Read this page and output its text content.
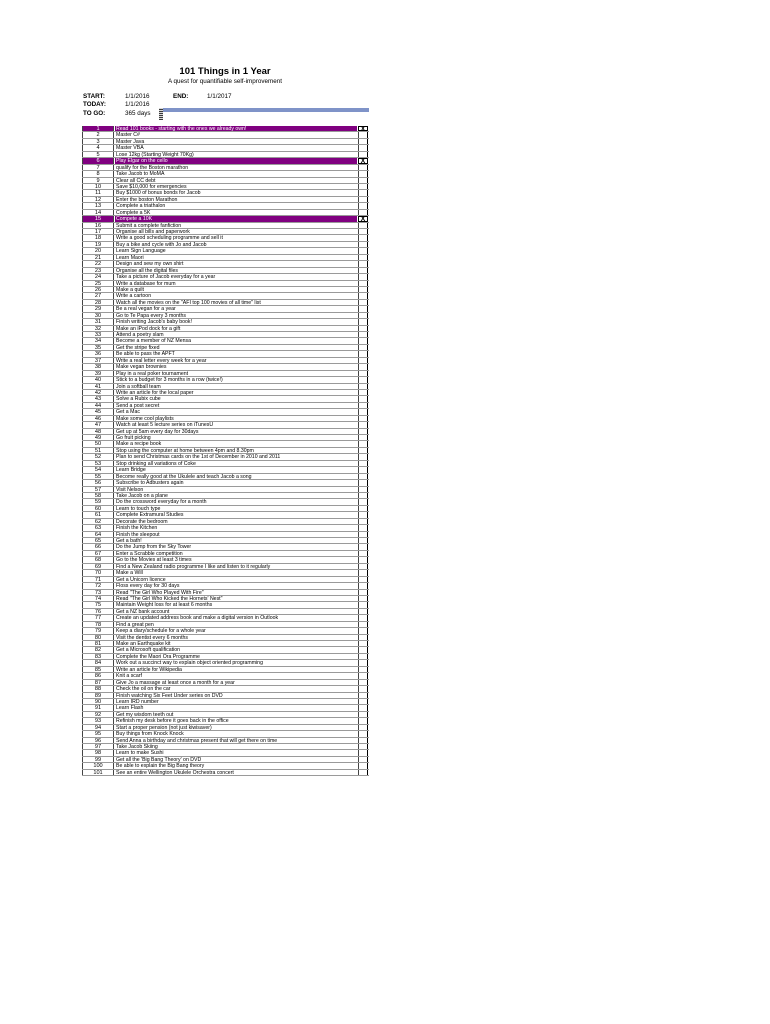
101 Things in 1 Year
A quest for quantifiable self-improvement
START:	1/1/2016	END:	1/1/2017
TODAY:	1/1/2016
TO GO:	365 days
1	Read 101 books - starting with the ones we already own!	X
2	Master C#
3	Master Java
4	Master VBA
5	Lose 12kg (Starting Weight 70Kg)
6	Play Elgar on the cello	X
7	qualify for the Boston marathon
8	Take Jacob to MoMA
9	Clear all CC debt
10	Save $10,000 for emergencies
11	Buy $1000 of bonus bonds for Jacob
12	Enter the boston Marathon
13	Complete a triathalon
14	Complete a 5K
15	Compete a 10K	X
16	Submit a complete fanfiction
17	Organise all bills and paperwork
18	Write a good scheduling programme and sell it
19	Buy a bike and cycle with Jo and Jacob
20	Learn Sign Language
21	Learn Maori
22	Design and sew my own shirt
23	Organise all the digital files
24	Take a picture of Jacob everyday for a year
25	Write a database for mum
26	Make a quilt
27	Write a cartoon
28	Watch all the movies on the "AFI top 100 movies of all time" list
29	Be a real vegan for a year
30	Go to Te Papa every 3 months
31	Finish writing Jacob's baby book!
32	Make an iPod dock for a gift
33	Attend a poetry slam
34	Become a member of NZ Mensa
35	Get the stripe fixed
36	Be able to pass the APFT
37	Write a real letter every week for a year
38	Make vegan brownies
39	Play in a real poker tournament
40	Stick to a budget for 3 months in a row (twice!)
41	Join a softball team
42	Write an article for the local paper
43	Solve a Rubix cube
44	Send a post secret
45	Get a Mac
46	Make some cool playlists
47	Watch at least 5 lecture series on iTunesU
48	Get up at 5am every day for 30days
49	Go fruit picking
50	Make a recipe book
51	Stop using the computer at home between 4pm and 8.30pm
52	Plan to send Christmas cards on the 1st of December in 2010 and 2011
53	Stop drinking all variations of Coke
54	Learn Bridge
55	Become really good at the Ukulele and teach Jacob a song
56	Subscribe to Adbusters again
57	Visit Nelson
58	Take Jacob on a plane
59	Do the crossword everyday for a month
60	Learn to touch type
61	Complete Extramural Studies
62	Decorate the bedroom
63	Finish the Kitchen
64	Finish the sleepout
65	Get a bath!
66	Do the Jump from the Sky Tower
67	Enter a Scrabble competition
68	Go to the Movies at least 3 times
69	Find a New Zealand radio programme I like and listen to it regularly
70	Make a Will
71	Get a Unicorn licence
72	Floss every day for 30 days
73	Read "The Girl Who Played With Fire"
74	Read "The Girl Who Kicked the Hornets' Nest"
75	Maintain Weight loss for at least 6 months
76	Get a NZ bank account
77	Create an updated address book and make a digital version in Outlook
78	Find a great pen
79	Keep a diary/schedule for a whole year
80	Visit the dentist every 6 months
81	Make an Earthquake kit
82	Get a Microsoft qualification
83	Complete the Maori Ora Programme
84	Work out a succinct way to explain object oriented programming
85	Write an article for Wikipedia
86	Knit a scarf
87	Give Jo a massage at least once a month for a year
88	Check the oil on the car
89	Finish watching Six Feet Under series on DVD
90	Learn IRD number
91	Learn Flash
92	Get my wisdom teeth out
93	Refinish my desk before it goes back in the office
94	Start a proper pension (not just kiwisaver)
95	Buy things from Knock Knock
96	Send Anna a birthday and christmas present that will get there on time
97	Take Jacob Skiing
98	Learn to make Sushi
99	Get all the 'Big Bang Theory' on DVD
100	Be able to explain the Big Bang theory
101	See an entire Wellington Ukulele Orchestra concert
